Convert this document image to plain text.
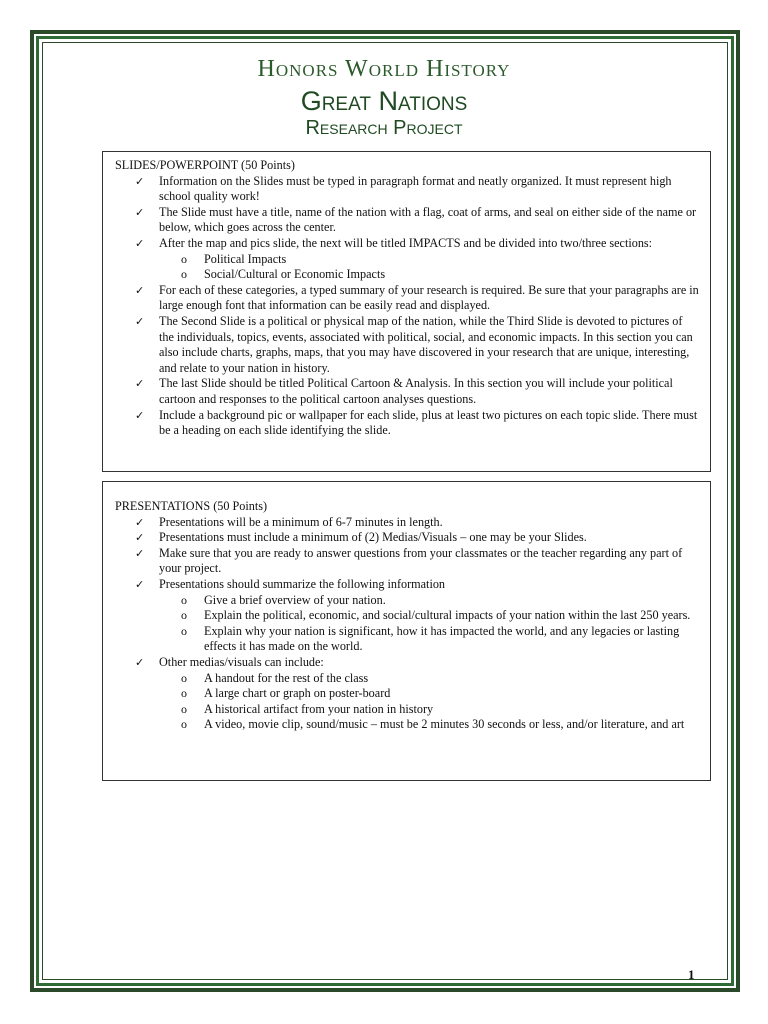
Honors World History
Great Nations
Research Project
SLIDES/POWERPOINT (50 Points)
✓ Information on the Slides must be typed in paragraph format and neatly organized. It must represent high school quality work!
✓ The Slide must have a title, name of the nation with a flag, coat of arms, and seal on either side of the name or below, which goes across the center.
✓ After the map and pics slide, the next will be titled IMPACTS and be divided into two/three sections:
o Political Impacts
o Social/Cultural or Economic Impacts
✓ For each of these categories, a typed summary of your research is required. Be sure that your paragraphs are in large enough font that information can be easily read and displayed.
✓ The Second Slide is a political or physical map of the nation, while the Third Slide is devoted to pictures of the individuals, topics, events, associated with political, social, and economic impacts. In this section you can also include charts, graphs, maps, that you may have discovered in your research that are unique, interesting, and relate to your nation in history.
✓ The last Slide should be titled Political Cartoon & Analysis. In this section you will include your political cartoon and responses to the political cartoon analyses questions.
✓ Include a background pic or wallpaper for each slide, plus at least two pictures on each topic slide. There must be a heading on each slide identifying the slide.
PRESENTATIONS (50 Points)
✓ Presentations will be a minimum of 6-7 minutes in length.
✓ Presentations must include a minimum of (2) Medias/Visuals – one may be your Slides.
✓ Make sure that you are ready to answer questions from your classmates or the teacher regarding any part of your project.
✓ Presentations should summarize the following information
o Give a brief overview of your nation.
o Explain the political, economic, and social/cultural impacts of your nation within the last 250 years.
o Explain why your nation is significant, how it has impacted the world, and any legacies or lasting effects it has made on the world.
✓ Other medias/visuals can include:
o A handout for the rest of the class
o A large chart or graph on poster-board
o A historical artifact from your nation in history
o A video, movie clip, sound/music – must be 2 minutes 30 seconds or less, and/or literature, and art
1
